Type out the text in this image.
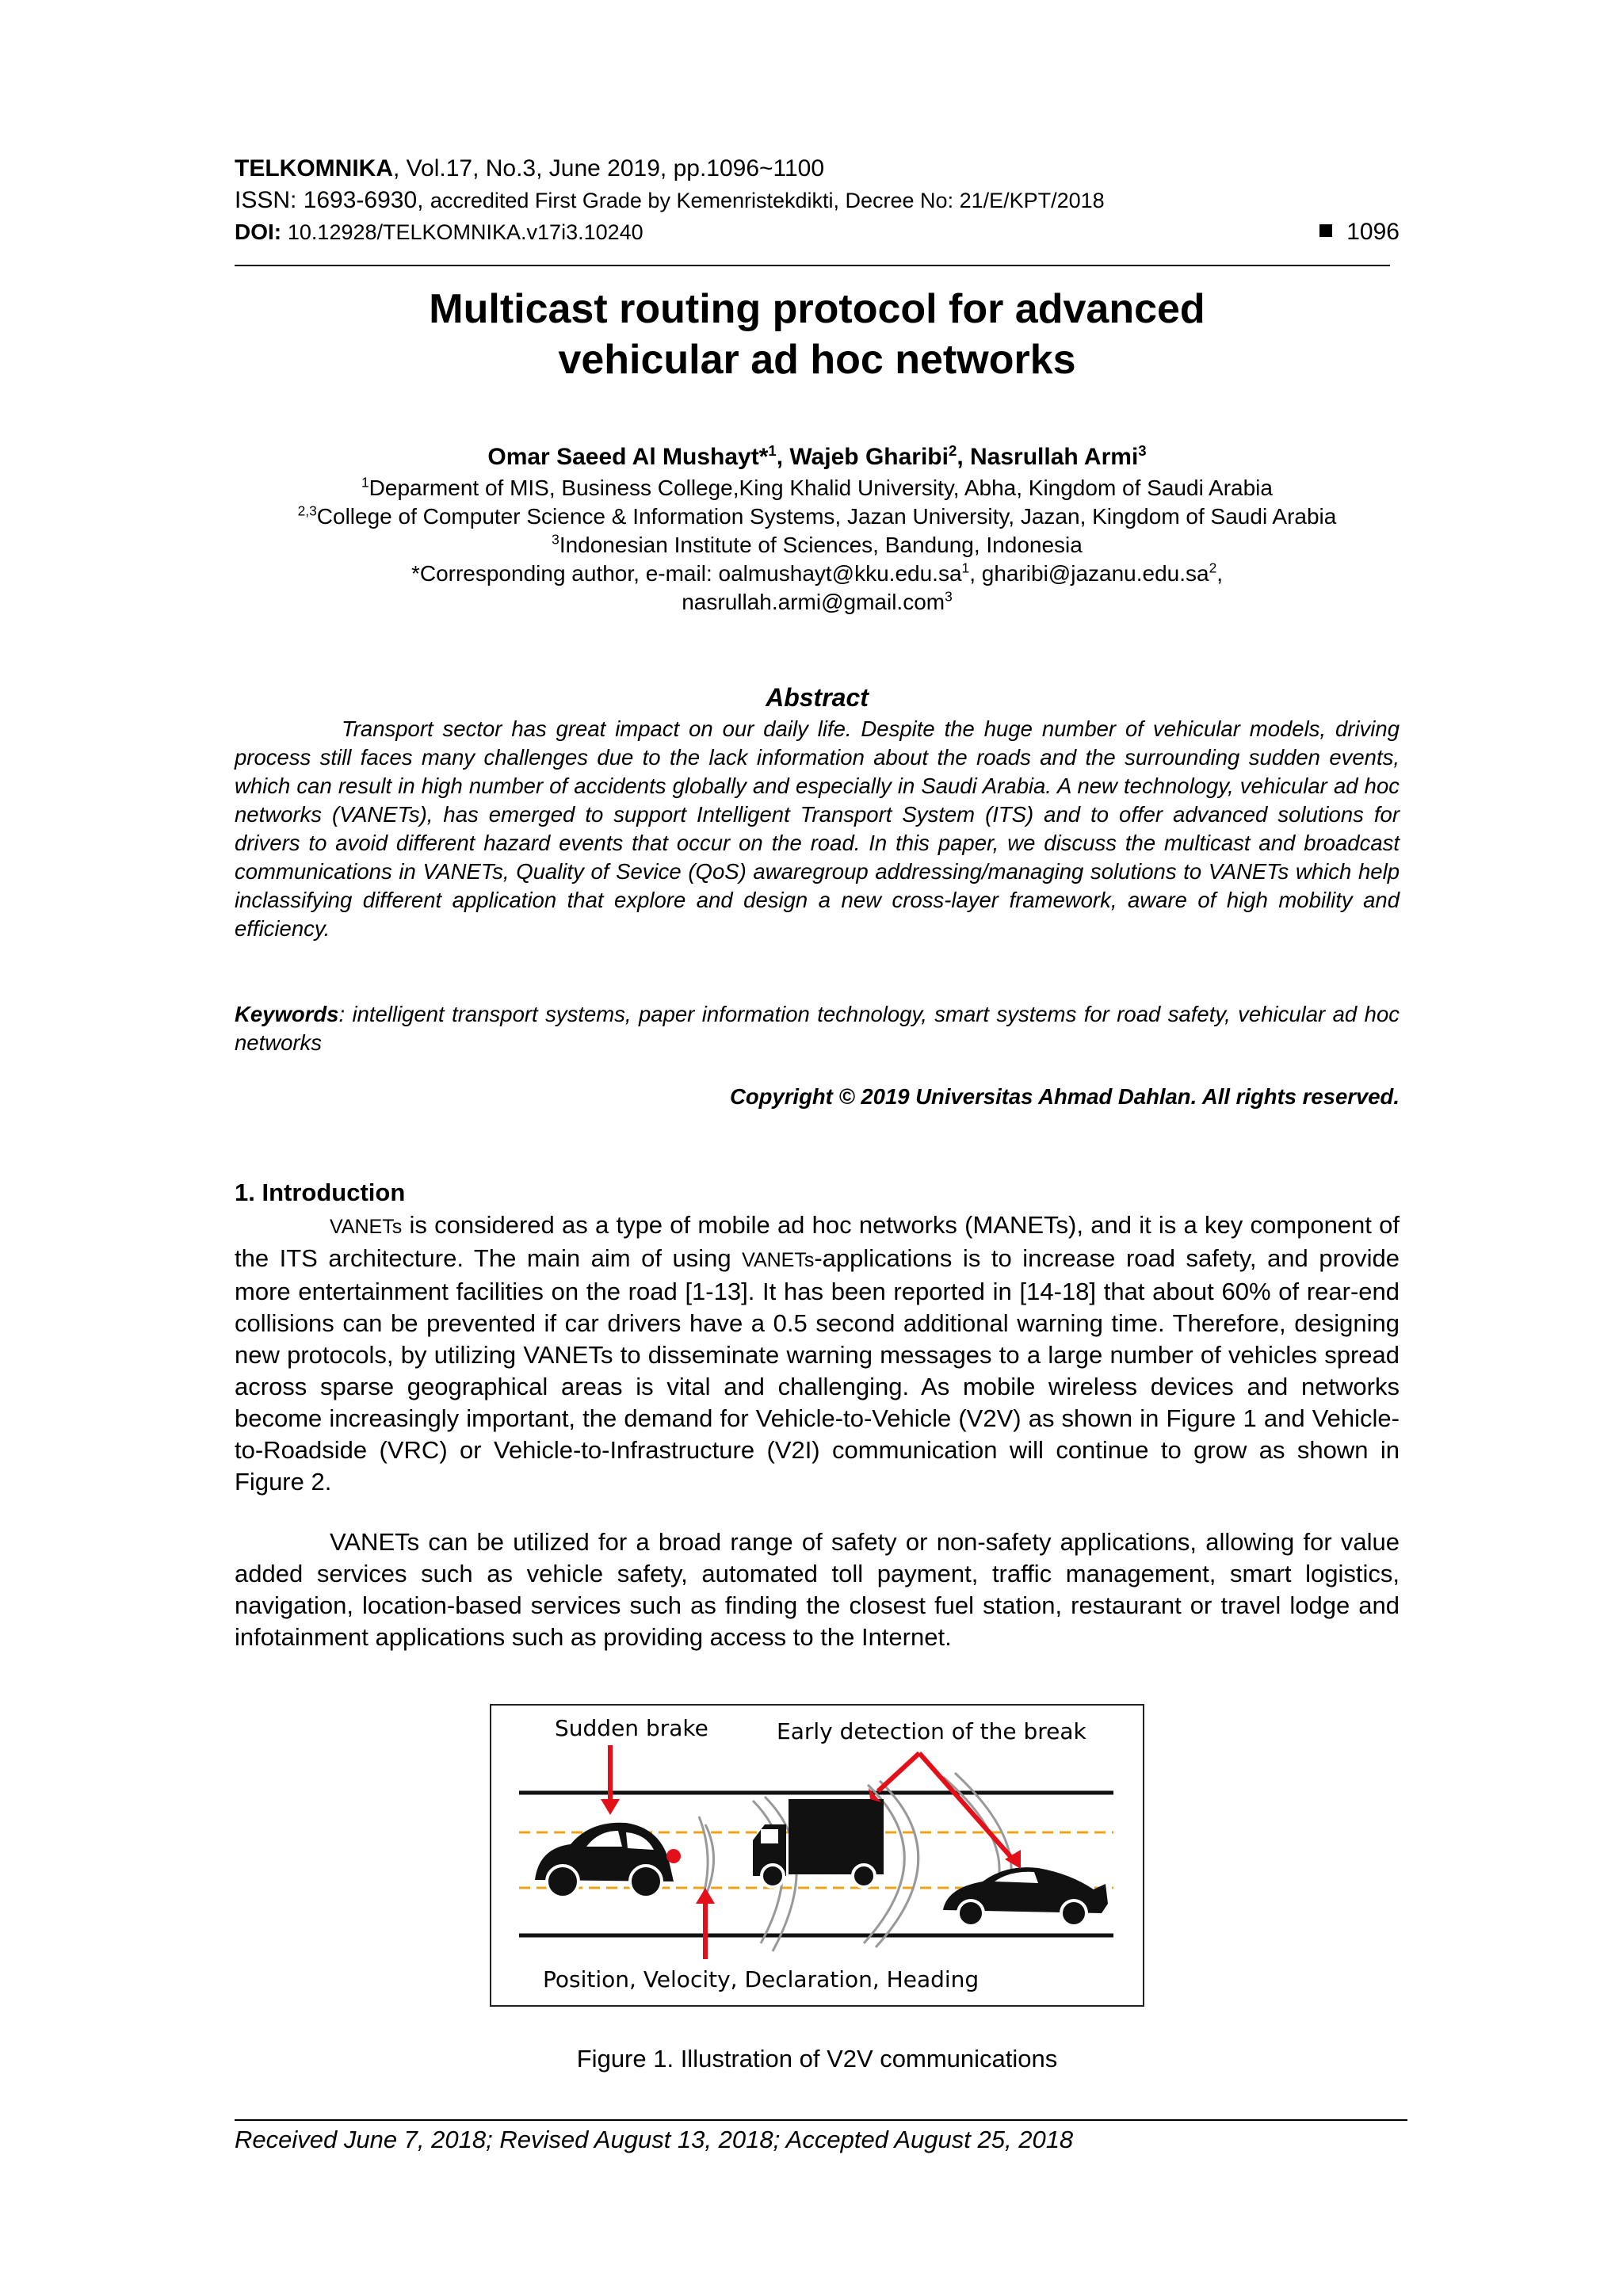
TELKOMNIKA, Vol.17, No.3, June 2019, pp.1096~1100
ISSN: 1693-6930, accredited First Grade by Kemenristekdikti, Decree No: 21/E/KPT/2018
DOI: 10.12928/TELKOMNIKA.v17i3.10240	1096
Multicast routing protocol for advanced
vehicular ad hoc networks
Omar Saeed Al Mushayt*$^1$, Wajeb Gharibi$^2$, Nasrullah Armi$^3$
$^1$Deparment of MIS, Business College,King Khalid University, Abha, Kingdom of Saudi Arabia
$^{2,3}$College of Computer Science & Information Systems, Jazan University, Jazan, Kingdom of Saudi Arabia
$^3$Indonesian Institute of Sciences, Bandung, Indonesia
*Corresponding author, e-mail: $oalmushayt@kku.edu.sa^1$, $gharibi@jazanu.edu.sa^2$,
nasrullah.armi@gmail.com$^3$
Abstract
Transport sector has great impact on our daily life. Despite the huge number of vehicular models, driving process still faces many challenges due to the lack information about the roads and the surrounding sudden events, which can result in high number of accidents globally and especially in Saudi Arabia. A new technology, vehicular ad hoc networks (VANETs), has emerged to support Intelligent Transport System (ITS) and to offer advanced solutions for drivers to avoid different hazard events that occur on the road. In this paper, we discuss the multicast and broadcast communications in VANETs, Quality of Sevice (QoS) awaregroup addressing/managing solutions to VANETs which help inclassifying different application that explore and design a new cross-layer framework, aware of high mobility and efficiency.
Keywords: intelligent transport systems, paper information technology, smart systems for road safety, vehicular ad hoc networks
Copyright © 2019 Universitas Ahmad Dahlan. All rights reserved.
1. Introduction
VANETs is considered as a type of mobile ad hoc networks (MANETs), and it is a key component of the ITS architecture. The main aim of using VANETs-applications is to increase road safety, and provide more entertainment facilities on the road [1-13]. It has been reported in [14-18] that about 60% of rear-end collisions can be prevented if car drivers have a 0.5 second additional warning time. Therefore, designing new protocols, by utilizing VANETs to disseminate warning messages to a large number of vehicles spread across sparse geographical areas is vital and challenging. As mobile wireless devices and networks become increasingly important, the demand for Vehicle-to-Vehicle (V2V) as shown in Figure 1 and Vehicle-to-Roadside (VRC) or Vehicle-to-Infrastructure (V2I) communication will continue to grow as shown in Figure 2.
VANETs can be utilized for a broad range of safety or non-safety applications, allowing for value added services such as vehicle safety, automated toll payment, traffic management, smart logistics, navigation, location-based services such as finding the closest fuel station, restaurant or travel lodge and infotainment applications such as providing access to the Internet.
Sudden brake	Early detection of the break
Position, Velocity, Declaration, Heading
Figure 1. Illustration of V2V communications
Received June 7, 2018; Revised August 13, 2018; Accepted August 25, 2018
